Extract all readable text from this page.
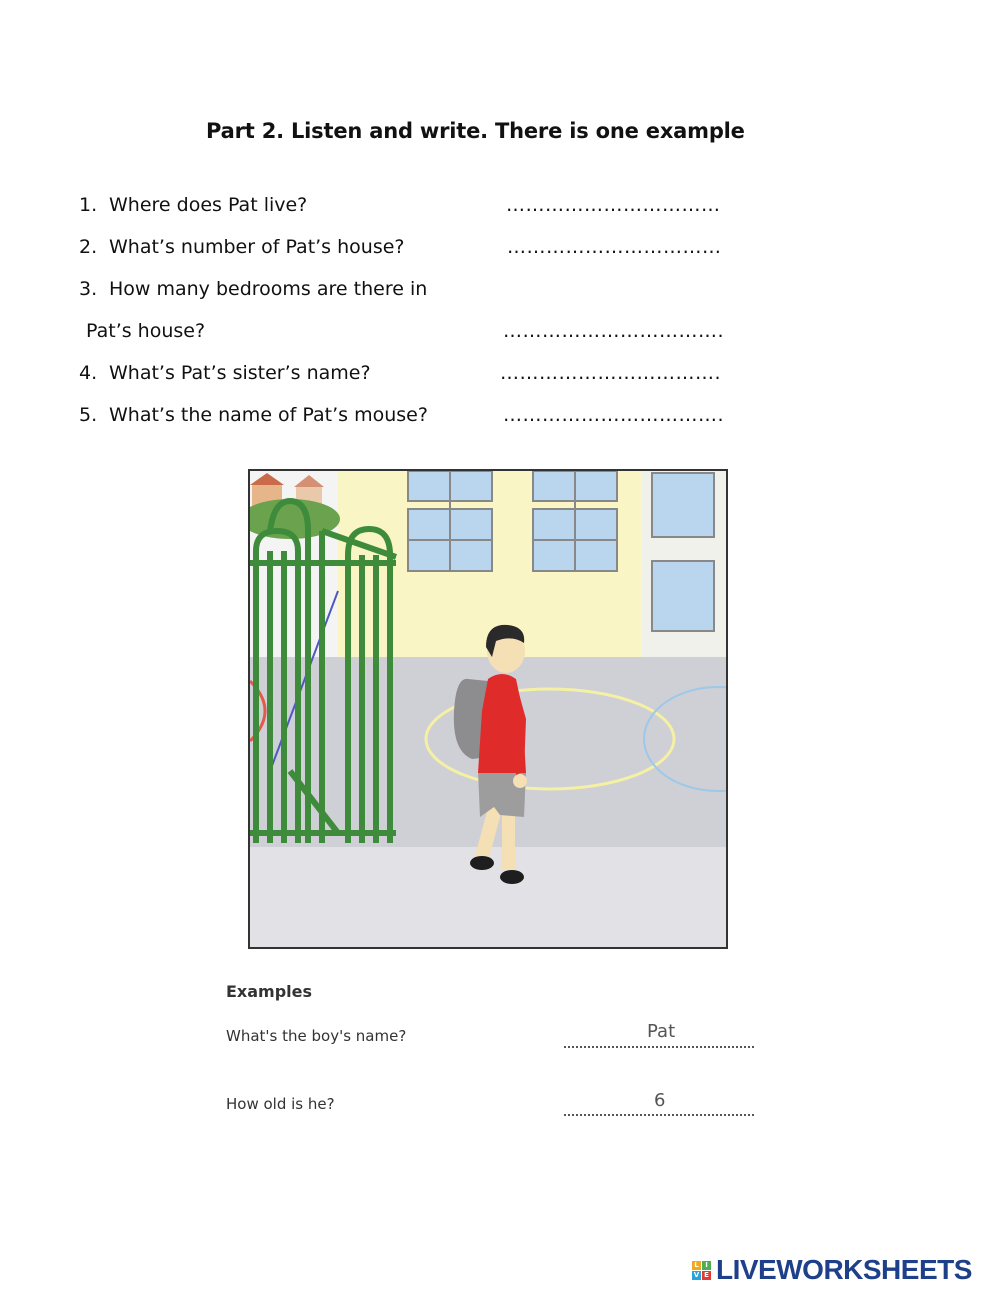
Part 2. Listen and write. There is one example
1. Where does Pat live?	……………………………
2. What’s number of Pat’s house?	……………………………
3. How many bedrooms are there in
Pat’s house?	…………………………….
4. What’s Pat’s sister’s name?	…………………………….
5. What’s the name of Pat’s mouse?	…………………………….
Examples
What's the boy's name?	Pat
How old is he?	6
L I
V E LIVEWORKSHEETS
